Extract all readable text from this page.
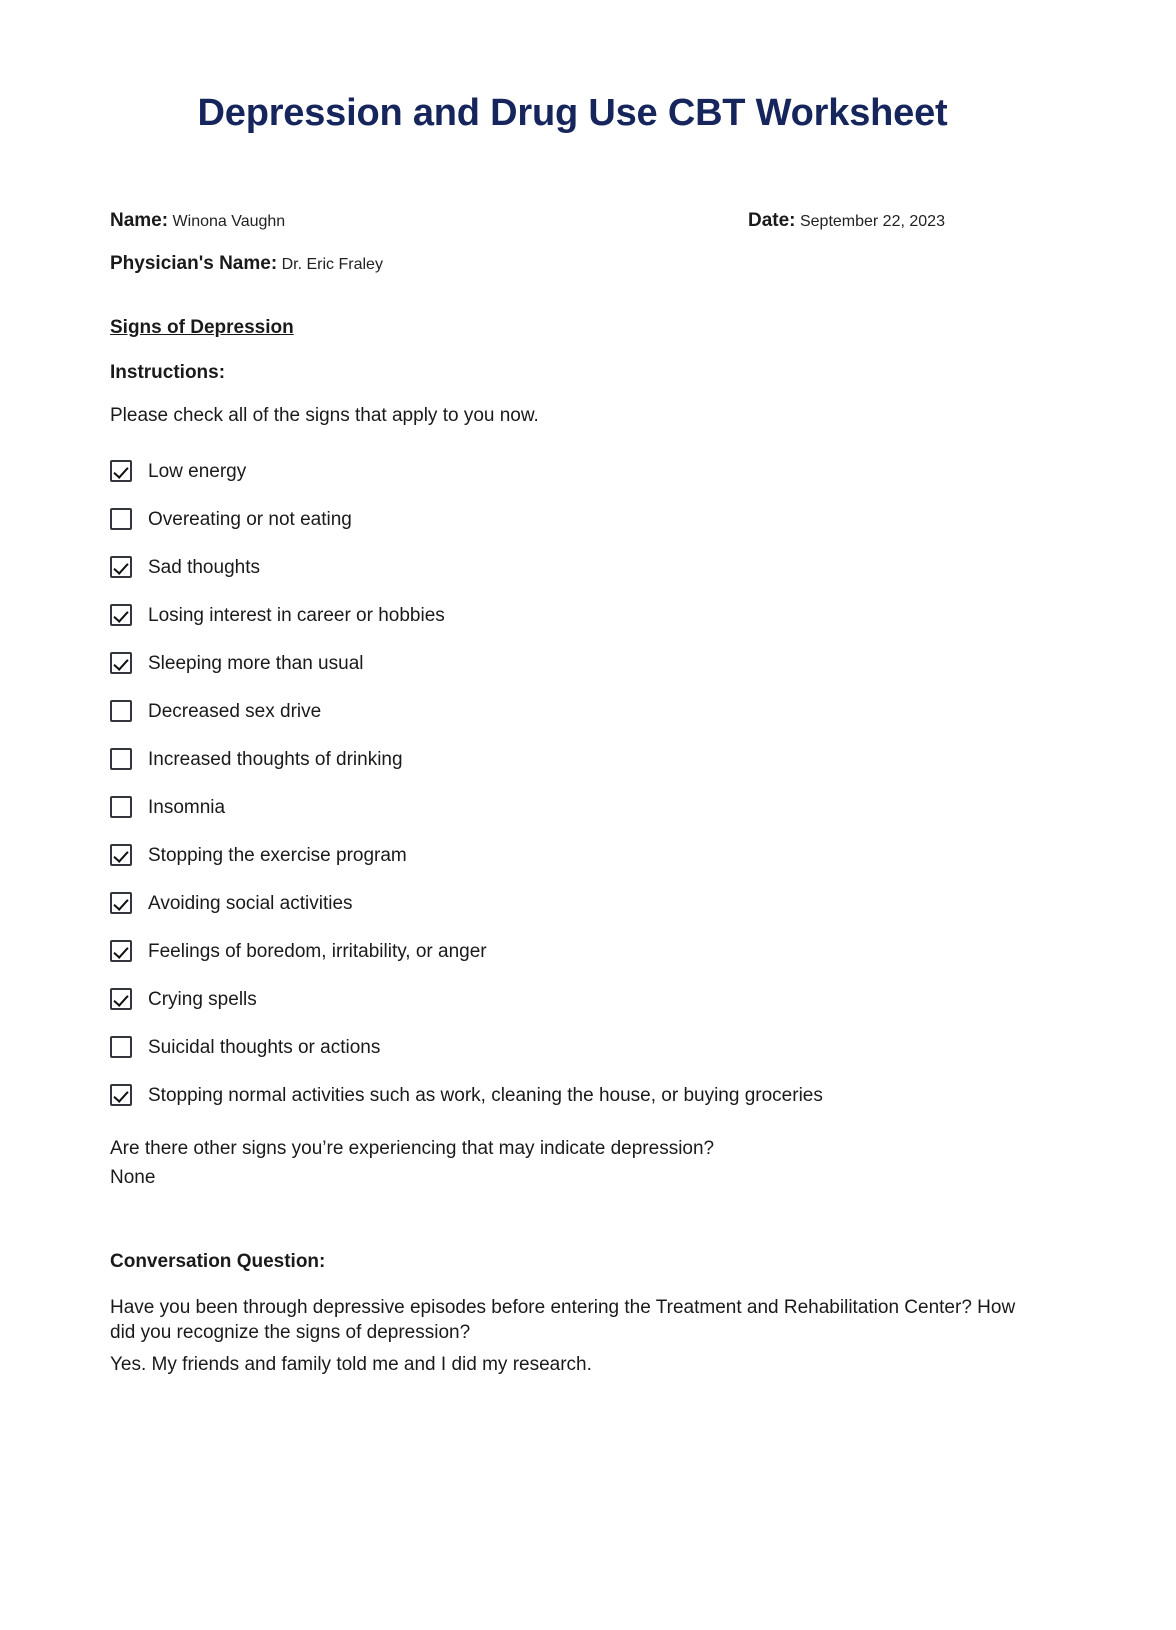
Depression and Drug Use CBT Worksheet
Name: Winona Vaughn	Date: September 22, 2023
Physician's Name: Dr. Eric Fraley
Signs of Depression
Instructions:
Please check all of the signs that apply to you now.
Low energy
Overeating or not eating
Sad thoughts
Losing interest in career or hobbies
Sleeping more than usual
Decreased sex drive
Increased thoughts of drinking
Insomnia
Stopping the exercise program
Avoiding social activities
Feelings of boredom, irritability, or anger
Crying spells
Suicidal thoughts or actions
Stopping normal activities such as work, cleaning the house, or buying groceries
Are there other signs you’re experiencing that may indicate depression?
None
Conversation Question:
Have you been through depressive episodes before entering the Treatment and Rehabilitation Center? How did you recognize the signs of depression?
Yes. My friends and family told me and I did my research.
